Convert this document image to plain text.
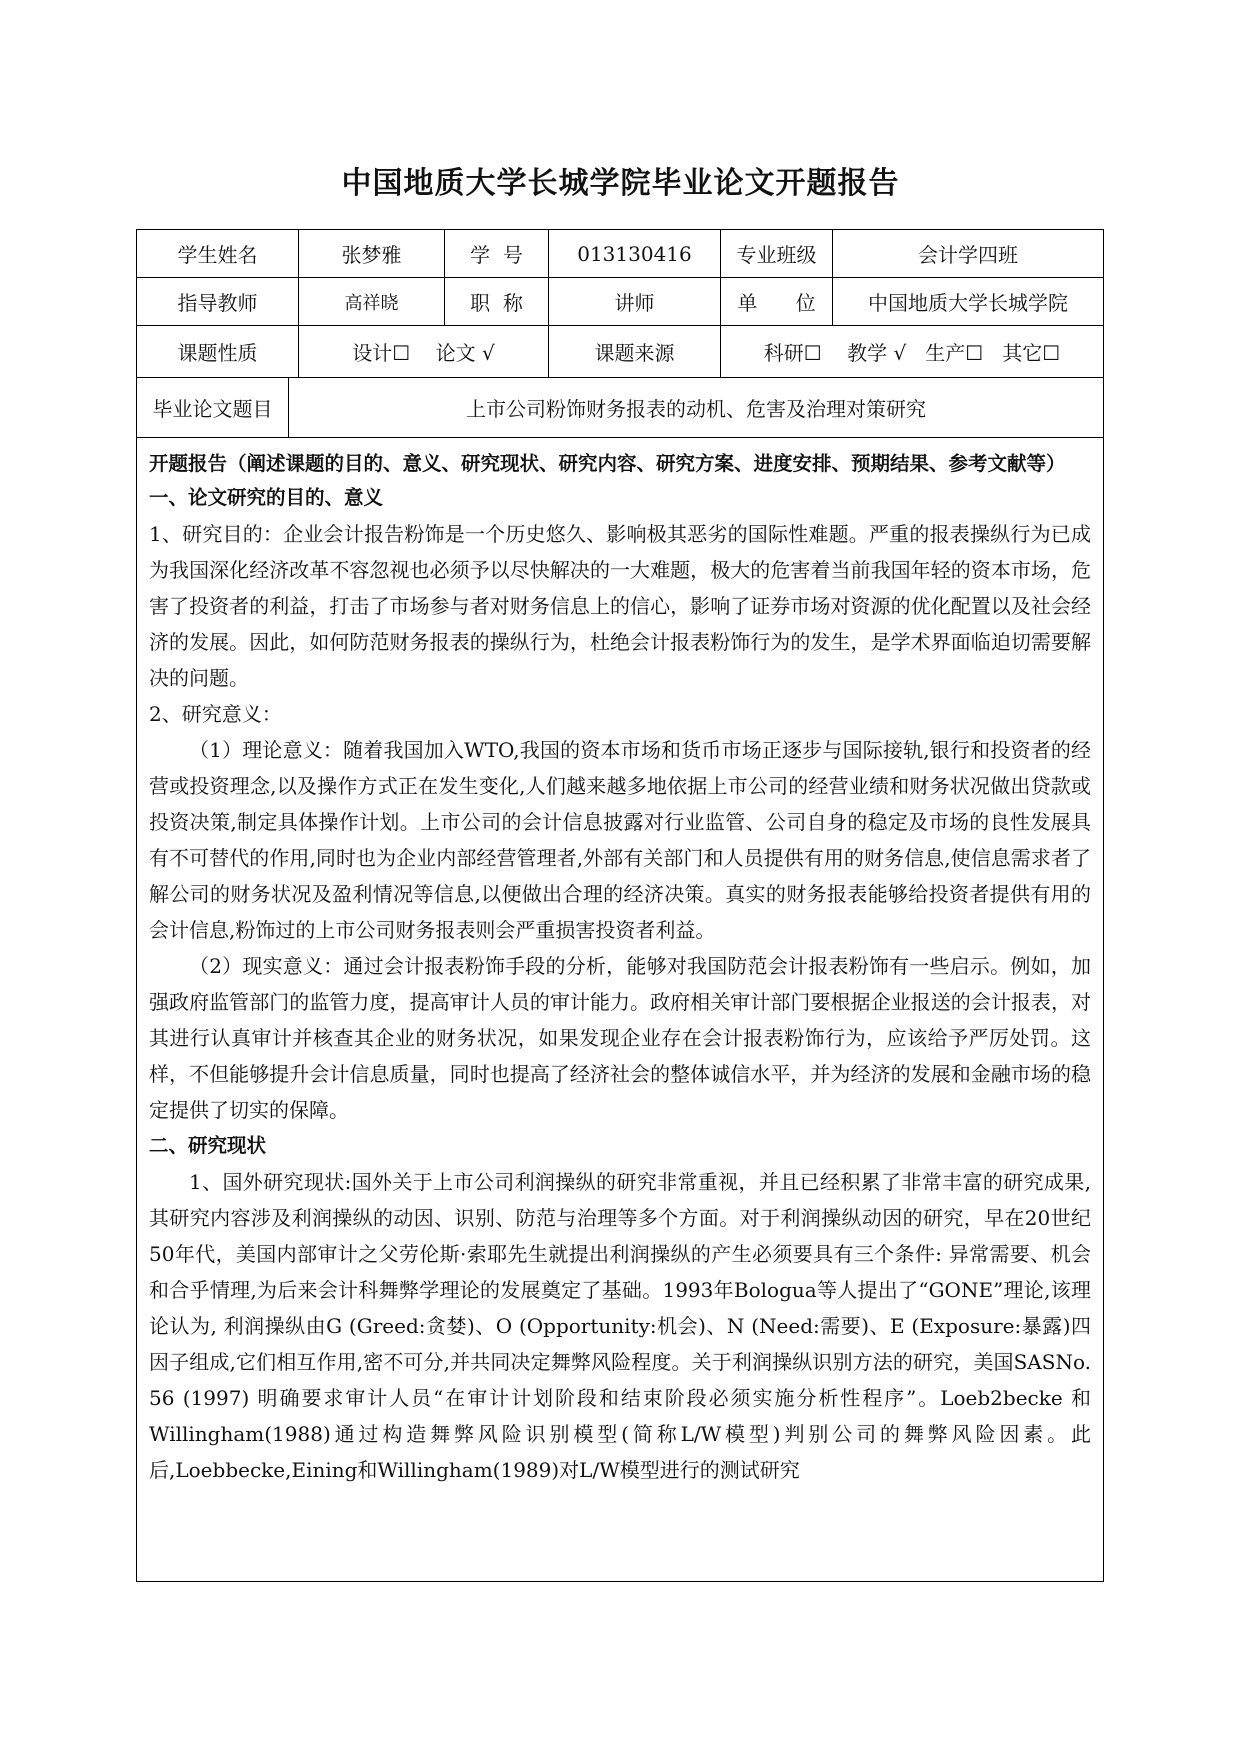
中国地质大学长城学院毕业论文开题报告
学生姓名	张梦雅	学  号	013130416	专业班级	会计学四班
指导教师	高祥晓	职  称	讲师	单      位	中国地质大学长城学院
课题性质	设计☐    论文 √	课题来源	科研☐    教学 √   生产☐   其它☐
毕业论文题目	上市公司粉饰财务报表的动机、危害及治理对策研究

开题报告（阐述课题的目的、意义、研究现状、研究内容、研究方案、进度安排、预期结果、参考文献等）

一、论文研究的目的、意义

1、研究目的：企业会计报告粉饰是一个历史悠久、影响极其恶劣的国际性难题。严重的报表操纵行为已成为我国深化经济改革不容忽视也必须予以尽快解决的一大难题，极大的危害着当前我国年轻的资本市场，危害了投资者的利益，打击了市场参与者对财务信息上的信心，影响了证券市场对资源的优化配置以及社会经济的发展。因此，如何防范财务报表的操纵行为，杜绝会计报表粉饰行为的发生，是学术界面临迫切需要解决的问题。

2、研究意义：

（1）理论意义：随着我国加入WTO,我国的资本市场和货币市场正逐步与国际接轨,银行和投资者的经营或投资理念,以及操作方式正在发生变化,人们越来越多地依据上市公司的经营业绩和财务状况做出贷款或投资决策,制定具体操作计划。上市公司的会计信息披露对行业监管、公司自身的稳定及市场的良性发展具有不可替代的作用,同时也为企业内部经营管理者,外部有关部门和人员提供有用的财务信息,使信息需求者了解公司的财务状况及盈利情况等信息,以便做出合理的经济决策。真实的财务报表能够给投资者提供有用的会计信息,粉饰过的上市公司财务报表则会严重损害投资者利益。

（2）现实意义：通过会计报表粉饰手段的分析，能够对我国防范会计报表粉饰有一些启示。例如，加强政府监管部门的监管力度，提高审计人员的审计能力。政府相关审计部门要根据企业报送的会计报表，对其进行认真审计并核查其企业的财务状况，如果发现企业存在会计报表粉饰行为，应该给予严厉处罚。这样，不但能够提升会计信息质量，同时也提高了经济社会的整体诚信水平，并为经济的发展和金融市场的稳定提供了切实的保障。

二、研究现状

1、国外研究现状:国外关于上市公司利润操纵的研究非常重视，并且已经积累了非常丰富的研究成果,其研究内容涉及利润操纵的动因、识别、防范与治理等多个方面。对于利润操纵动因的研究，早在20世纪50年代，美国内部审计之父劳伦斯·索耶先生就提出利润操纵的产生必须要具有三个条件: 异常需要、机会和合乎情理,为后来会计科舞弊学理论的发展奠定了基础。1993年Bologua等人提出了“GONE”理论,该理论认为, 利润操纵由G (Greed:贪婪)、O (Opportunity:机会)、N (Need:需要)、E (Exposure:暴露)四因子组成,它们相互作用,密不可分,并共同决定舞弊风险程度。关于利润操纵识别方法的研究，美国SASNo. 56 (1997) 明确要求审计人员“在审计计划阶段和结束阶段必须实施分析性程序”。Loeb2becke 和 Willingham(1988)通过构造舞弊风险识别模型(简称L/W模型)判别公司的舞弊风险因素。此后,Loebbecke,Eining和Willingham(1989)对L/W模型进行的测试研究
